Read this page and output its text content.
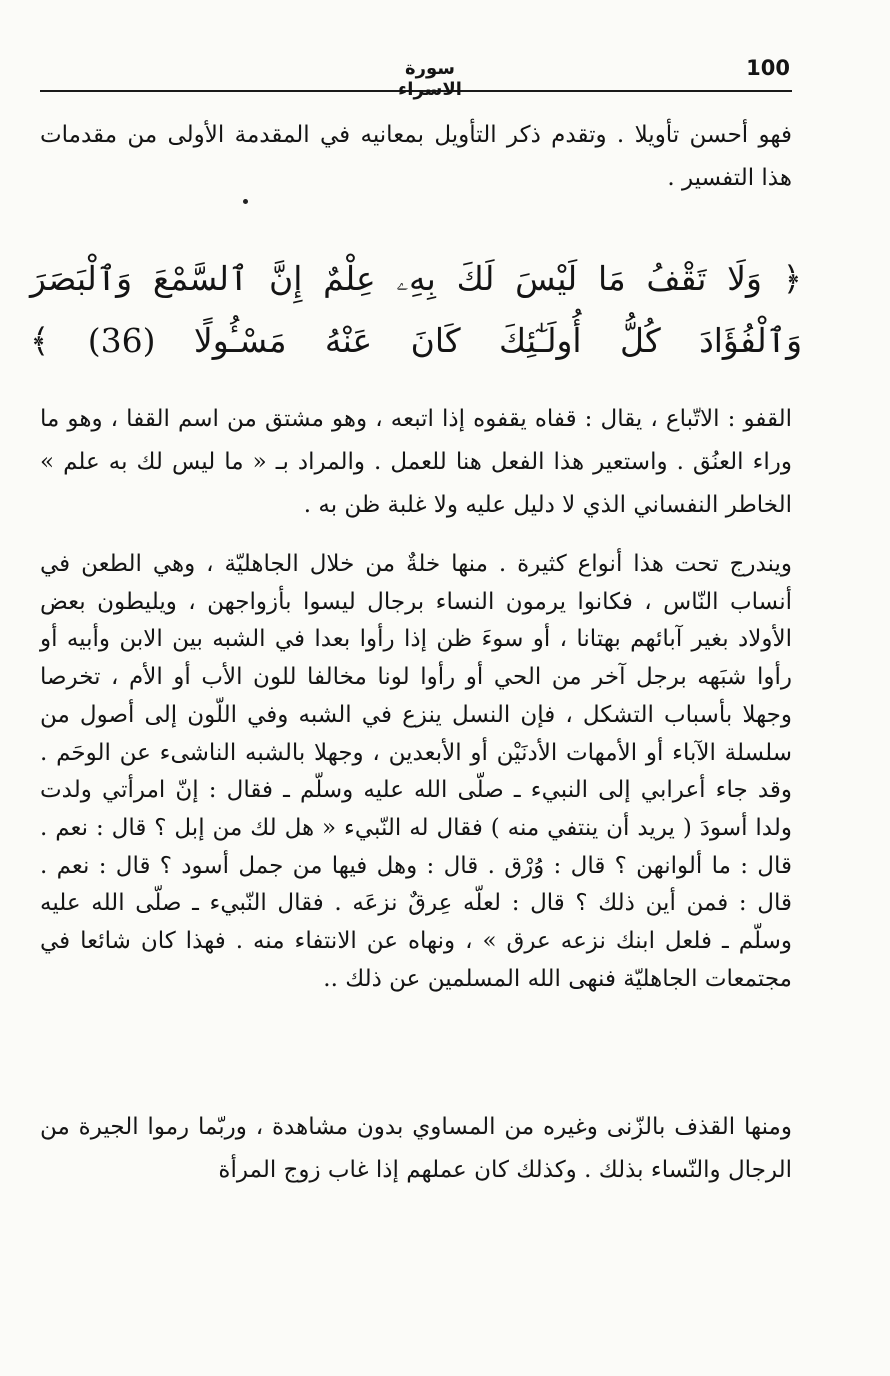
100
سورة الاسراء

فهو أحسن تأويلا . وتقدم ذكر التأويل بمعانيه في المقدمة الأولى من مقدمات هذا التفسير .

﴿ وَلَا تَقْفُ مَا لَيْسَ لَكَ بِهِۦ عِلْمٌ إِنَّ ٱلسَّمْعَ وَٱلْبَصَرَ وَٱلْفُؤَادَ كُلُّ أُولَـٰٓئِكَ كَانَ عَنْهُ مَسْـُٔولًا (36) ﴾

القفو : الاتّباع ، يقال : قفاه يقفوه إذا اتبعه ، وهو مشتق من اسم القفا ، وهو ما وراء العنُق . واستعير هذا الفعل هنا للعمل . والمراد بـ « ما ليس لك به علم » الخاطر النفساني الذي لا دليل عليه ولا غلبة ظن به .

ويندرج تحت هذا أنواع كثيرة . منها خلةٌ من خلال الجاهليّة ، وهي الطعن في أنساب النّاس ، فكانوا يرمون النساء برجال ليسوا بأزواجهن ، ويليطون بعض الأولاد بغير آبائهم بهتانا ، أو سوءَ ظن إذا رأوا بعدا في الشبه بين الابن وأبيه أو رأوا شبَهه برجل آخر من الحي أو رأوا لونا مخالفا للون الأب أو الأم ، تخرصا وجهلا بأسباب التشكل ، فإن النسل ينزع في الشبه وفي اللّون إلى أصول من سلسلة الآباء أو الأمهات الأدنَيْن أو الأبعدين ، وجهلا بالشبه الناشىء عن الوحَم . وقد جاء أعرابي إلى النبيء ـ صلّى الله عليه وسلّم ـ فقال : إنّ امرأتي ولدت ولدا أسودَ ( يريد أن ينتفي منه ) فقال له النّبيء « هل لك من إبل ؟ قال : نعم . قال : ما ألوانهن ؟ قال : وُرْق . قال : وهل فيها من جمل أسود ؟ قال : نعم . قال : فمن أين ذلك ؟ قال : لعلّه عِرقٌ نزعَه . فقال النّبيء ـ صلّى الله عليه وسلّم ـ فلعل ابنك نزعه عرق » ، ونهاه عن الانتفاء منه . فهذا كان شائعا في مجتمعات الجاهليّة فنهى الله المسلمين عن ذلك ..

ومنها القذف بالزّنى وغيره من المساوي بدون مشاهدة ، وربّما رموا الجيرة من الرجال والنّساء بذلك . وكذلك كان عملهم إذا غاب زوج المرأة
